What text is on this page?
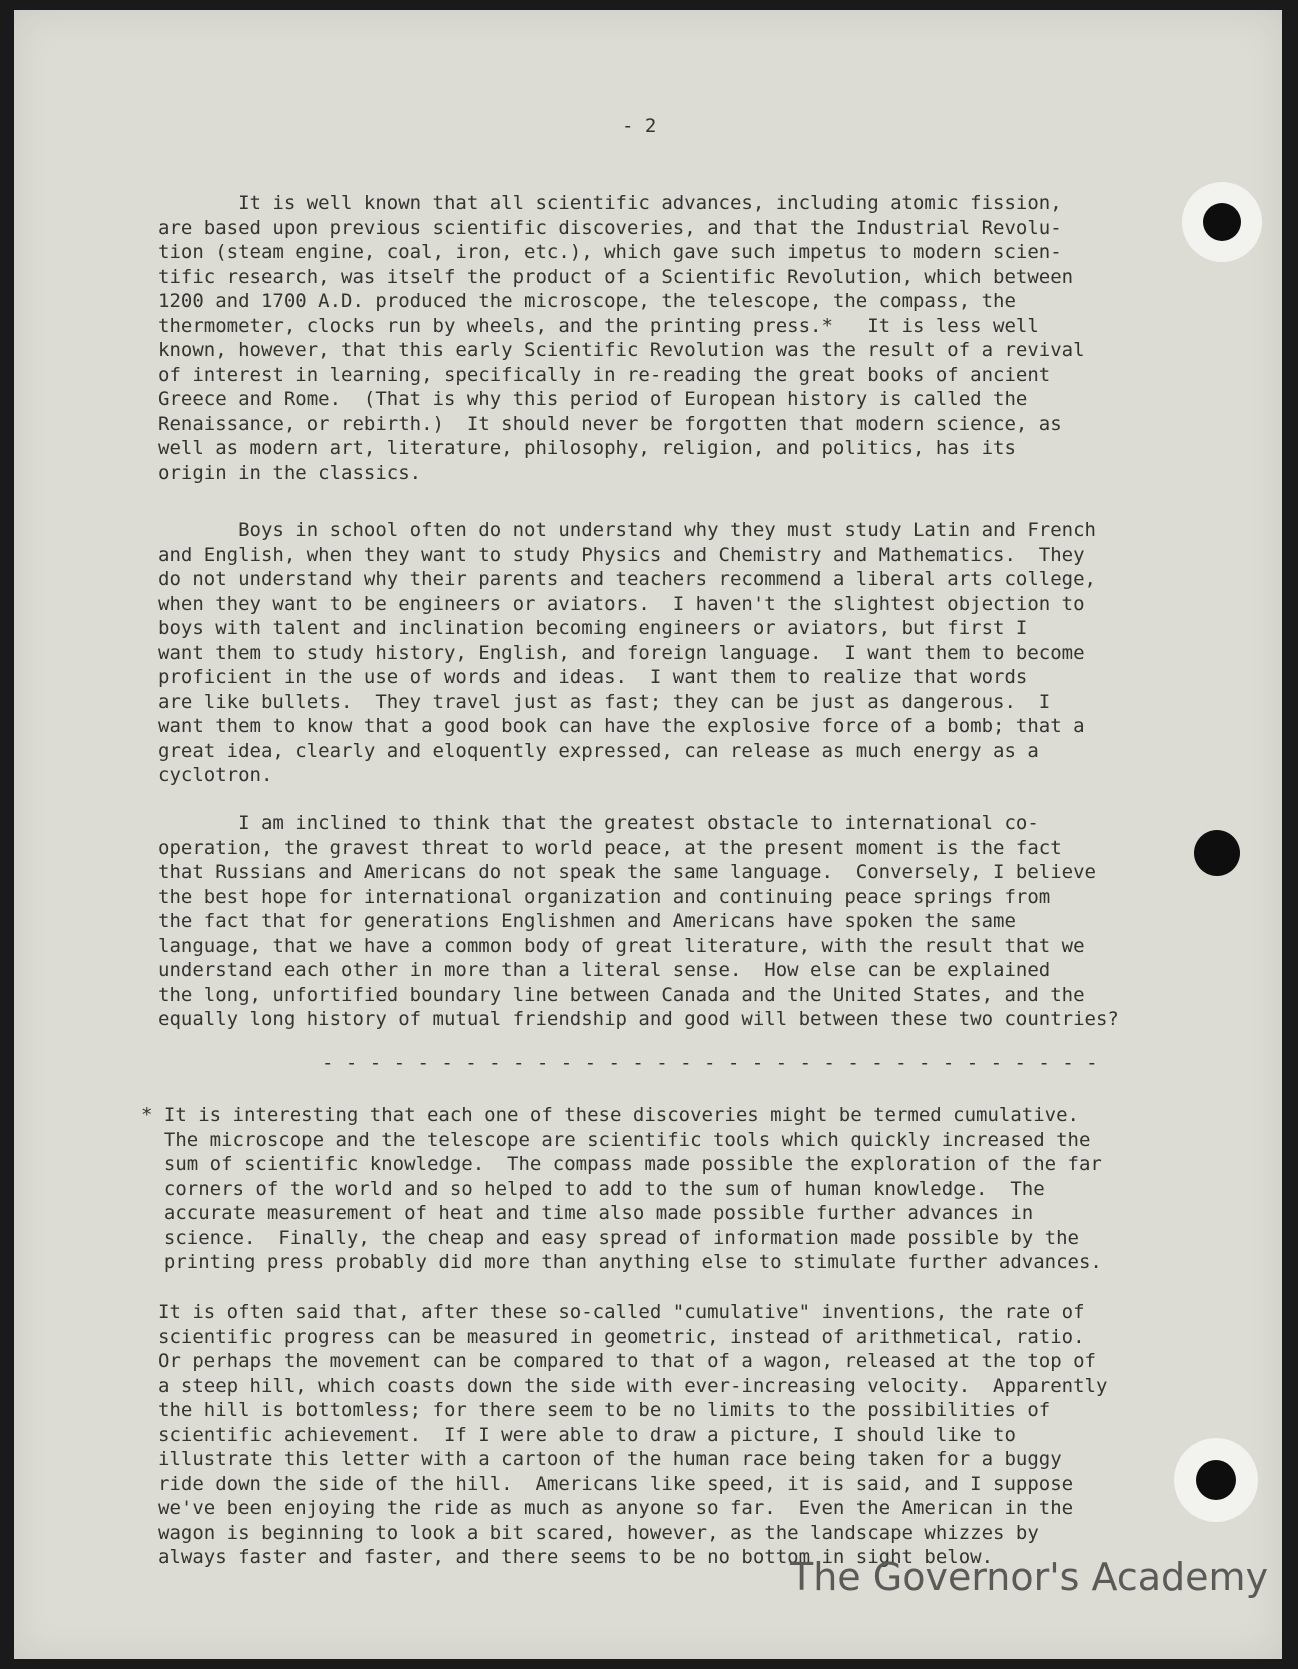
- 2

It is well known that all scientific advances, including atomic fission,
are based upon previous scientific discoveries, and that the Industrial Revolu-
tion (steam engine, coal, iron, etc.), which gave such impetus to modern scien-
tific research, was itself the product of a Scientific Revolution, which between
1200 and 1700 A.D. produced the microscope, the telescope, the compass, the
thermometer, clocks run by wheels, and the printing press.*   It is less well
known, however, that this early Scientific Revolution was the result of a revival
of interest in learning, specifically in re-reading the great books of ancient
Greece and Rome.  (That is why this period of European history is called the
Renaissance, or rebirth.)  It should never be forgotten that modern science, as
well as modern art, literature, philosophy, religion, and politics, has its
origin in the classics.

Boys in school often do not understand why they must study Latin and French
and English, when they want to study Physics and Chemistry and Mathematics.  They
do not understand why their parents and teachers recommend a liberal arts college,
when they want to be engineers or aviators.  I haven't the slightest objection to
boys with talent and inclination becoming engineers or aviators, but first I
want them to study history, English, and foreign language.  I want them to become
proficient in the use of words and ideas.  I want them to realize that words
are like bullets.  They travel just as fast; they can be just as dangerous.  I
want them to know that a good book can have the explosive force of a bomb; that a
great idea, clearly and eloquently expressed, can release as much energy as a
cyclotron.

I am inclined to think that the greatest obstacle to international co-
operation, the gravest threat to world peace, at the present moment is the fact
that Russians and Americans do not speak the same language.  Conversely, I believe
the best hope for international organization and continuing peace springs from
the fact that for generations Englishmen and Americans have spoken the same
language, that we have a common body of great literature, with the result that we
understand each other in more than a literal sense.  How else can be explained
the long, unfortified boundary line between Canada and the United States, and the
equally long history of mutual friendship and good will between these two countries?

- - - - - - - - - - - - - - - - - - - - - - - - - - - - - - - - -

* It is interesting that each one of these discoveries might be termed cumulative.
The microscope and the telescope are scientific tools which quickly increased the
sum of scientific knowledge.  The compass made possible the exploration of the far
corners of the world and so helped to add to the sum of human knowledge.  The
accurate measurement of heat and time also made possible further advances in
science.  Finally, the cheap and easy spread of information made possible by the
printing press probably did more than anything else to stimulate further advances.

It is often said that, after these so-called "cumulative" inventions, the rate of
scientific progress can be measured in geometric, instead of arithmetical, ratio.
Or perhaps the movement can be compared to that of a wagon, released at the top of
a steep hill, which coasts down the side with ever-increasing velocity.  Apparently
the hill is bottomless; for there seem to be no limits to the possibilities of
scientific achievement.  If I were able to draw a picture, I should like to
illustrate this letter with a cartoon of the human race being taken for a buggy
ride down the side of the hill.  Americans like speed, it is said, and I suppose
we've been enjoying the ride as much as anyone so far.  Even the American in the
wagon is beginning to look a bit scared, however, as the landscape whizzes by
always faster and faster, and there seems to be no bottom in sight below.

The Governor's Academy
